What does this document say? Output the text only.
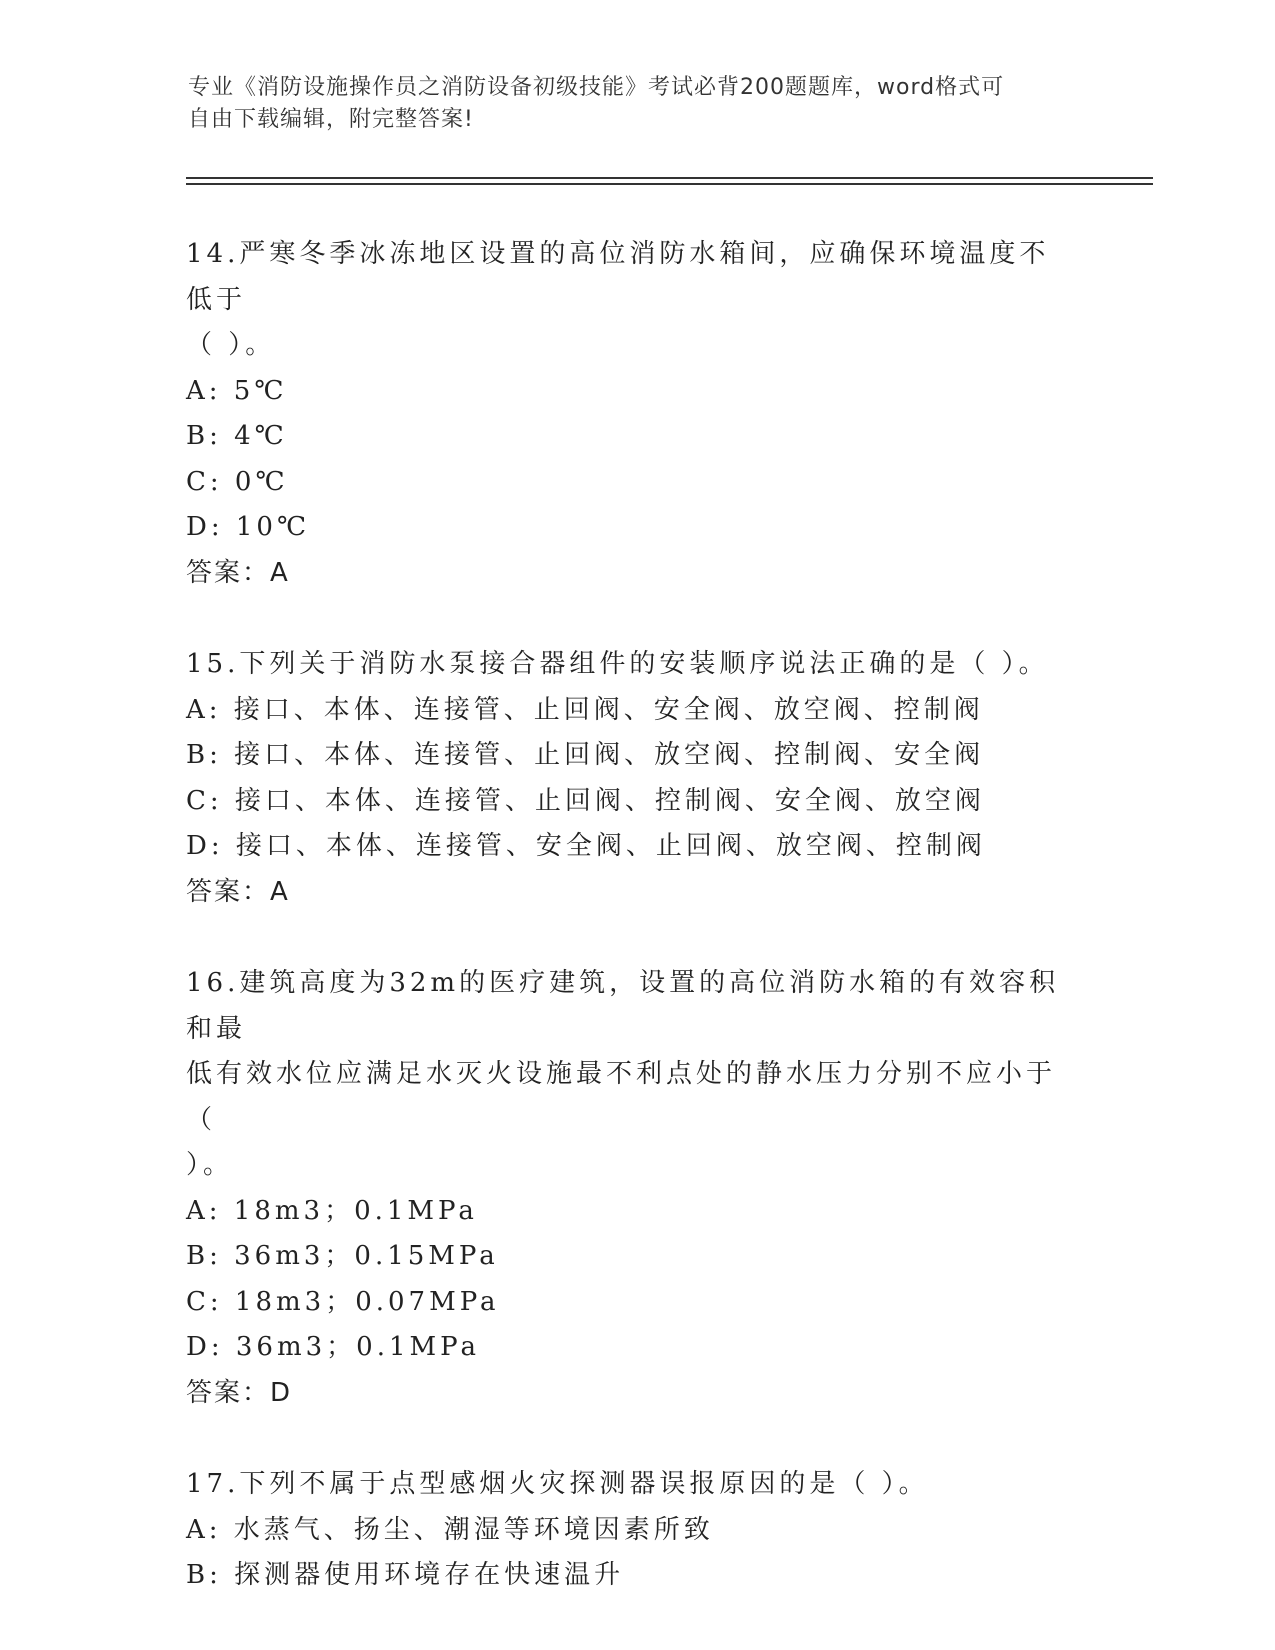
专业《消防设施操作员之消防设备初级技能》考试必背200题题库，word格式可
自由下载编辑，附完整答案!
14.严寒冬季冰冻地区设置的高位消防水箱间，应确保环境温度不低于
（ ）。
A: 5℃
B: 4℃
C: 0℃
D: 10℃
答案：A
15.下列关于消防水泵接合器组件的安装顺序说法正确的是（ ）。
A: 接口、本体、连接管、止回阀、安全阀、放空阀、控制阀
B: 接口、本体、连接管、止回阀、放空阀、控制阀、安全阀
C: 接口、本体、连接管、止回阀、控制阀、安全阀、放空阀
D: 接口、本体、连接管、安全阀、止回阀、放空阀、控制阀
答案：A
16.建筑高度为32m的医疗建筑，设置的高位消防水箱的有效容积和最
低有效水位应满足水灭火设施最不利点处的静水压力分别不应小于（
）。
A: 18m3；0.1MPa
B: 36m3；0.15MPa
C: 18m3；0.07MPa
D: 36m3；0.1MPa
答案：D
17.下列不属于点型感烟火灾探测器误报原因的是（ ）。
A: 水蒸气、扬尘、潮湿等环境因素所致
B: 探测器使用环境存在快速温升
